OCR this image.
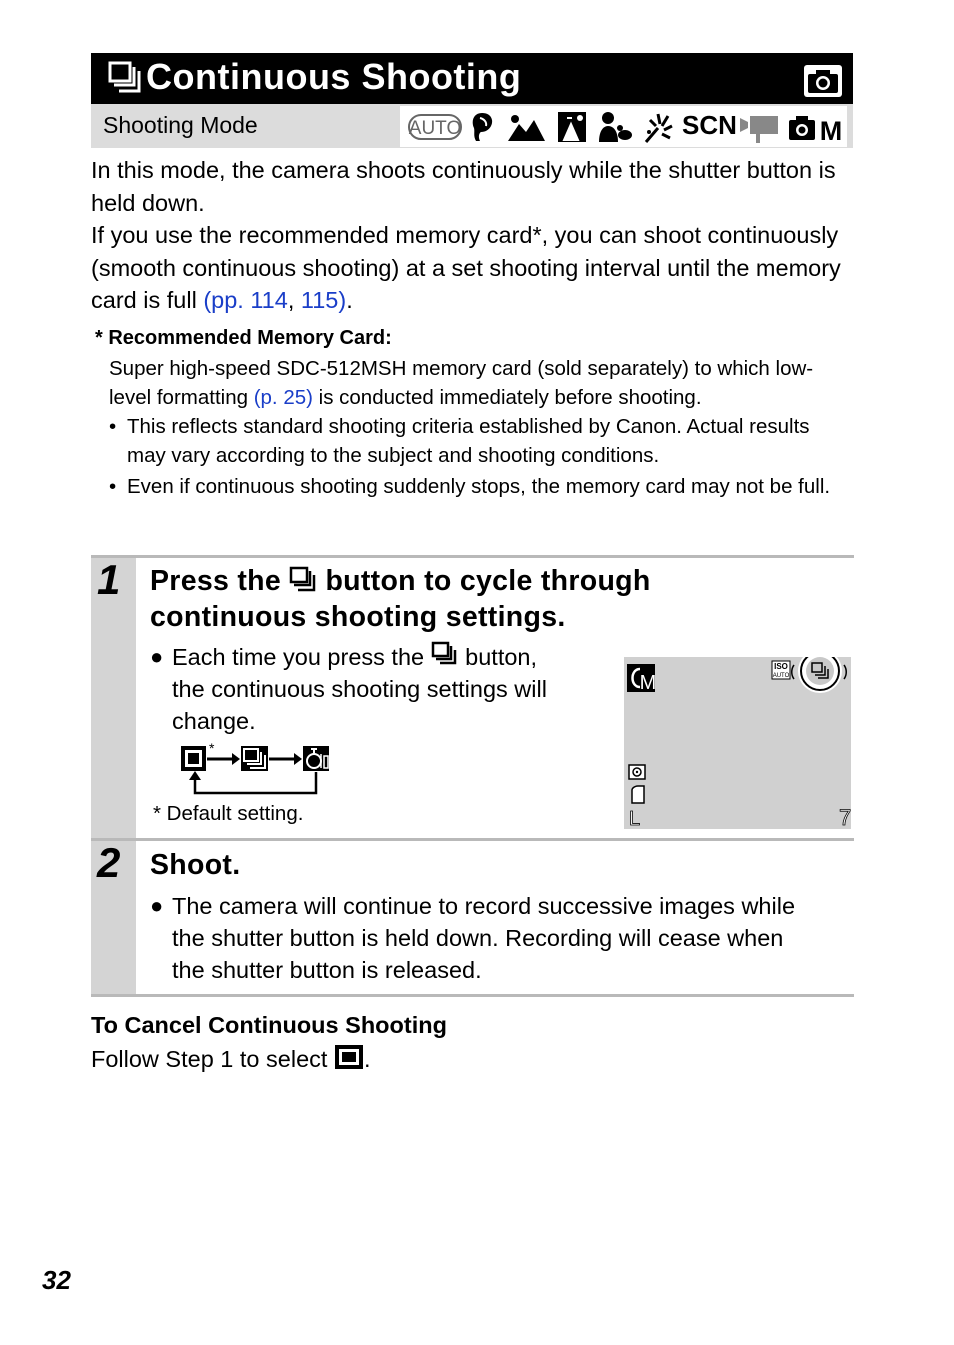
Continuous Shooting
Shooting Mode	AUTO	SCN	M

In this mode, the camera shoots continuously while the shutter button is held down.

If you use the recommended memory card*, you can shoot continuously (smooth continuous shooting) at a set shooting interval until the memory card is full (pp. 114, 115).

* Recommended Memory Card:
Super high-speed SDC-512MSH memory card (sold separately) to which low-level formatting (p. 25) is conducted immediately before shooting.
• This reflects standard shooting criteria established by Canon. Actual results may vary according to the subject and shooting conditions.
• Even if continuous shooting suddenly stops, the memory card may not be full.
1 Press the  button to cycle through
continuous shooting settings.
● Each time you press the  button,
the continuous shooting settings will
change.
*
* Default setting.
M
ISO
AUTO
L	7
2 Shoot.
● The camera will continue to record successive images while
the shutter button is held down. Recording will cease when
the shutter button is released.
To Cancel Continuous Shooting
Follow Step 1 to select .
32
